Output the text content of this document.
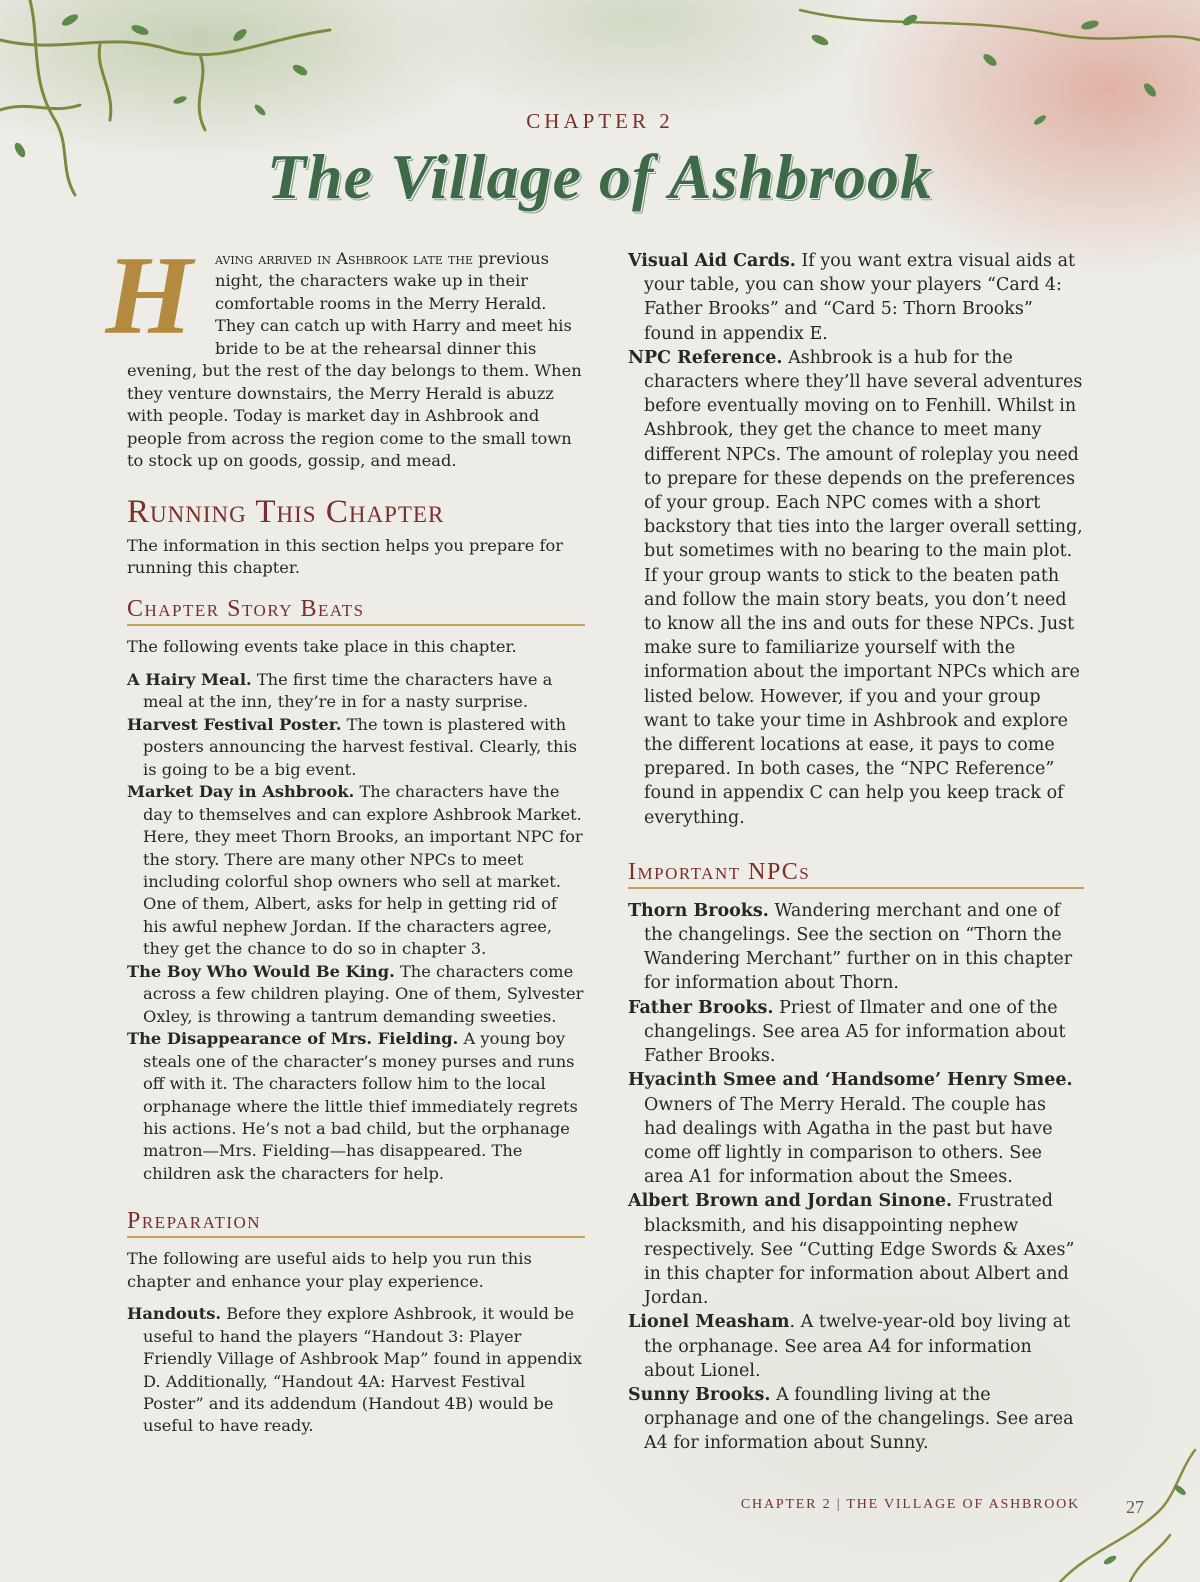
CHAPTER 2
The Village of Ashbrook

H	aving arrived in Ashbrook late the previous night, the characters wake up in their comfortable rooms in the Merry Herald. They can catch up with Harry and meet his bride to be at the rehearsal dinner this evening, but the rest of the day belongs to them. When they venture downstairs, the Merry Herald is abuzz with people. Today is market day in Ashbrook and people from across the region come to the small town to stock up on goods, gossip, and mead.

Running This Chapter

The information in this section helps you prepare for running this chapter.

Chapter Story Beats

The following events take place in this chapter.

A Hairy Meal. The first time the characters have a meal at the inn, they’re in for a nasty surprise.

Harvest Festival Poster. The town is plastered with posters announcing the harvest festival. Clearly, this is going to be a big event.

Market Day in Ashbrook. The characters have the day to themselves and can explore Ashbrook Market. Here, they meet Thorn Brooks, an important NPC for the story. There are many other NPCs to meet including colorful shop owners who sell at market. One of them, Albert, asks for help in getting rid of his awful nephew Jordan. If the characters agree, they get the chance to do so in chapter 3.

The Boy Who Would Be King. The characters come across a few children playing. One of them, Sylvester Oxley, is throwing a tantrum demanding sweeties.

The Disappearance of Mrs. Fielding. A young boy steals one of the character’s money purses and runs off with it. The characters follow him to the local orphanage where the little thief immediately regrets his actions. He’s not a bad child, but the orphanage matron—Mrs. Fielding—has disappeared. The children ask the characters for help.

Preparation

The following are useful aids to help you run this chapter and enhance your play experience.

Handouts. Before they explore Ashbrook, it would be useful to hand the players “Handout 3: Player Friendly Village of Ashbrook Map” found in appendix D. Additionally, “Handout 4A: Harvest Festival Poster” and its addendum (Handout 4B) would be useful to have ready.

Visual Aid Cards. If you want extra visual aids at your table, you can show your players “Card 4: Father Brooks” and “Card 5: Thorn Brooks” found in appendix E.

NPC Reference. Ashbrook is a hub for the characters where they’ll have several adventures before eventually moving on to Fenhill. Whilst in Ashbrook, they get the chance to meet many different NPCs. The amount of roleplay you need to prepare for these depends on the preferences of your group. Each NPC comes with a short backstory that ties into the larger overall setting, but sometimes with no bearing to the main plot. If your group wants to stick to the beaten path and follow the main story beats, you don’t need to know all the ins and outs for these NPCs. Just make sure to familiarize yourself with the information about the important NPCs which are listed below. However, if you and your group want to take your time in Ashbrook and explore the different locations at ease, it pays to come prepared. In both cases, the “NPC Reference” found in appendix C can help you keep track of everything.

Important NPCs

Thorn Brooks. Wandering merchant and one of the changelings. See the section on “Thorn the Wandering Merchant” further on in this chapter for information about Thorn.

Father Brooks. Priest of Ilmater and one of the changelings. See area A5 for information about Father Brooks.

Hyacinth Smee and ‘Handsome’ Henry Smee. Owners of The Merry Herald. The couple has had dealings with Agatha in the past but have come off lightly in comparison to others. See area A1 for information about the Smees.

Albert Brown and Jordan Sinone. Frustrated blacksmith, and his disappointing nephew respectively. See “Cutting Edge Swords & Axes” in this chapter for information about Albert and Jordan.

Lionel Measham. A twelve-year-old boy living at the orphanage. See area A4 for information about Lionel.

Sunny Brooks. A foundling living at the orphanage and one of the changelings. See area A4 for information about Sunny.

CHAPTER 2 | THE VILLAGE OF ASHBROOK	27
